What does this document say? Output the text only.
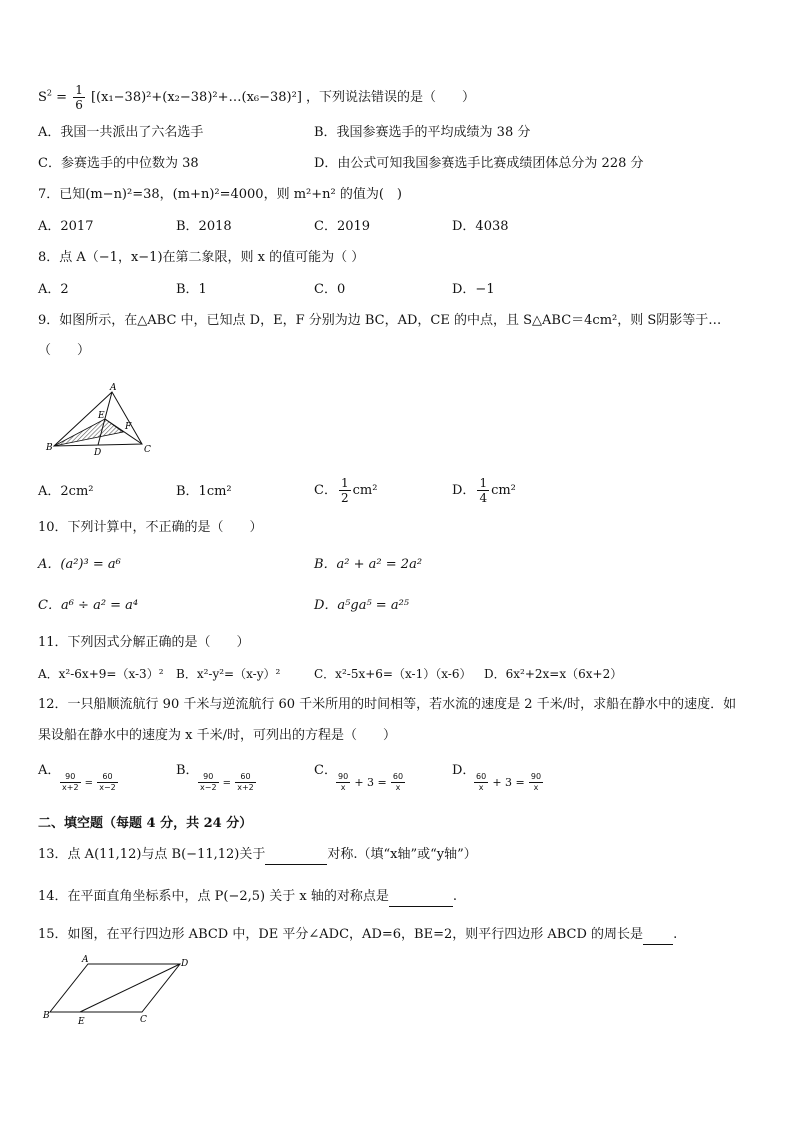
$S^2 = \frac{1}{6}$ [(x₁−38)²+(x₂−38)²+…(x₆−38)²] ，下列说法错误的是（　　）
A．我国一共派出了六名选手	B．我国参赛选手的平均成绩为 38 分
C．参赛选手的中位数为 38	D．由公式可知我国参赛选手比赛成绩团体总分为 228 分
7．已知(m−n)²=38，(m+n)²=4000，则 m²+n² 的值为(　)
A．2017	B．2018	C．2019	D．4038
8．点 A（−1，x−1)在第二象限，则 x 的值可能为（ ）
A．2	B．1	C．0	D．−1
9．如图所示，在△ABC 中，已知点 D，E，F 分别为边 BC，AD，CE 的中点，且 S△ABC＝4cm²，则 S阴影等于…
（　　）
A
B	C
D
E
F
A．2cm²	B．1cm²	C． $\frac{1}{2} cm^2$	D． $\frac{1}{4} cm^2$
10．下列计算中，不正确的是（　　）
A．(a²)³ = a⁶	B．a² + a² = 2a²
C．a⁶ ÷ a² = a⁴	D．a⁵ga⁵ = a²⁵
11．下列因式分解正确的是（　　）
A．x²-6x+9=（x-3）² B．x²-y²=（x-y）²	C．x²-5x+6=（x-1）（x-6） D．6x²+2x=x（6x+2）
12．一只船顺流航行 90 千米与逆流航行 60 千米所用的时间相等，若水流的速度是 2 千米/时，求船在静水中的速度．如
果设船在静水中的速度为 x 千米/时，可列出的方程是（　　）
A．
$\frac{90}{x+2} = \frac{60}{x-2}$
B．
$\frac{90}{x-2} = \frac{60}{x+2}$
C．
$\frac{90}{x} + 3 = \frac{60}{x}$
D．
$\frac{60}{x} + 3 = \frac{90}{x}$
二、填空题（每题 4 分，共 24 分）
13．点 A(11,12)与点 B(−11,12)关于	对称.（填“x轴”或“y轴”）
14．在平面直角坐标系中，点 P(−2,5) 关于 x 轴的对称点是	.
15．如图，在平行四边形 ABCD 中，DE 平分∠ADC，AD=6，BE=2，则平行四边形 ABCD 的周长是 .
A
B	C
D
E
